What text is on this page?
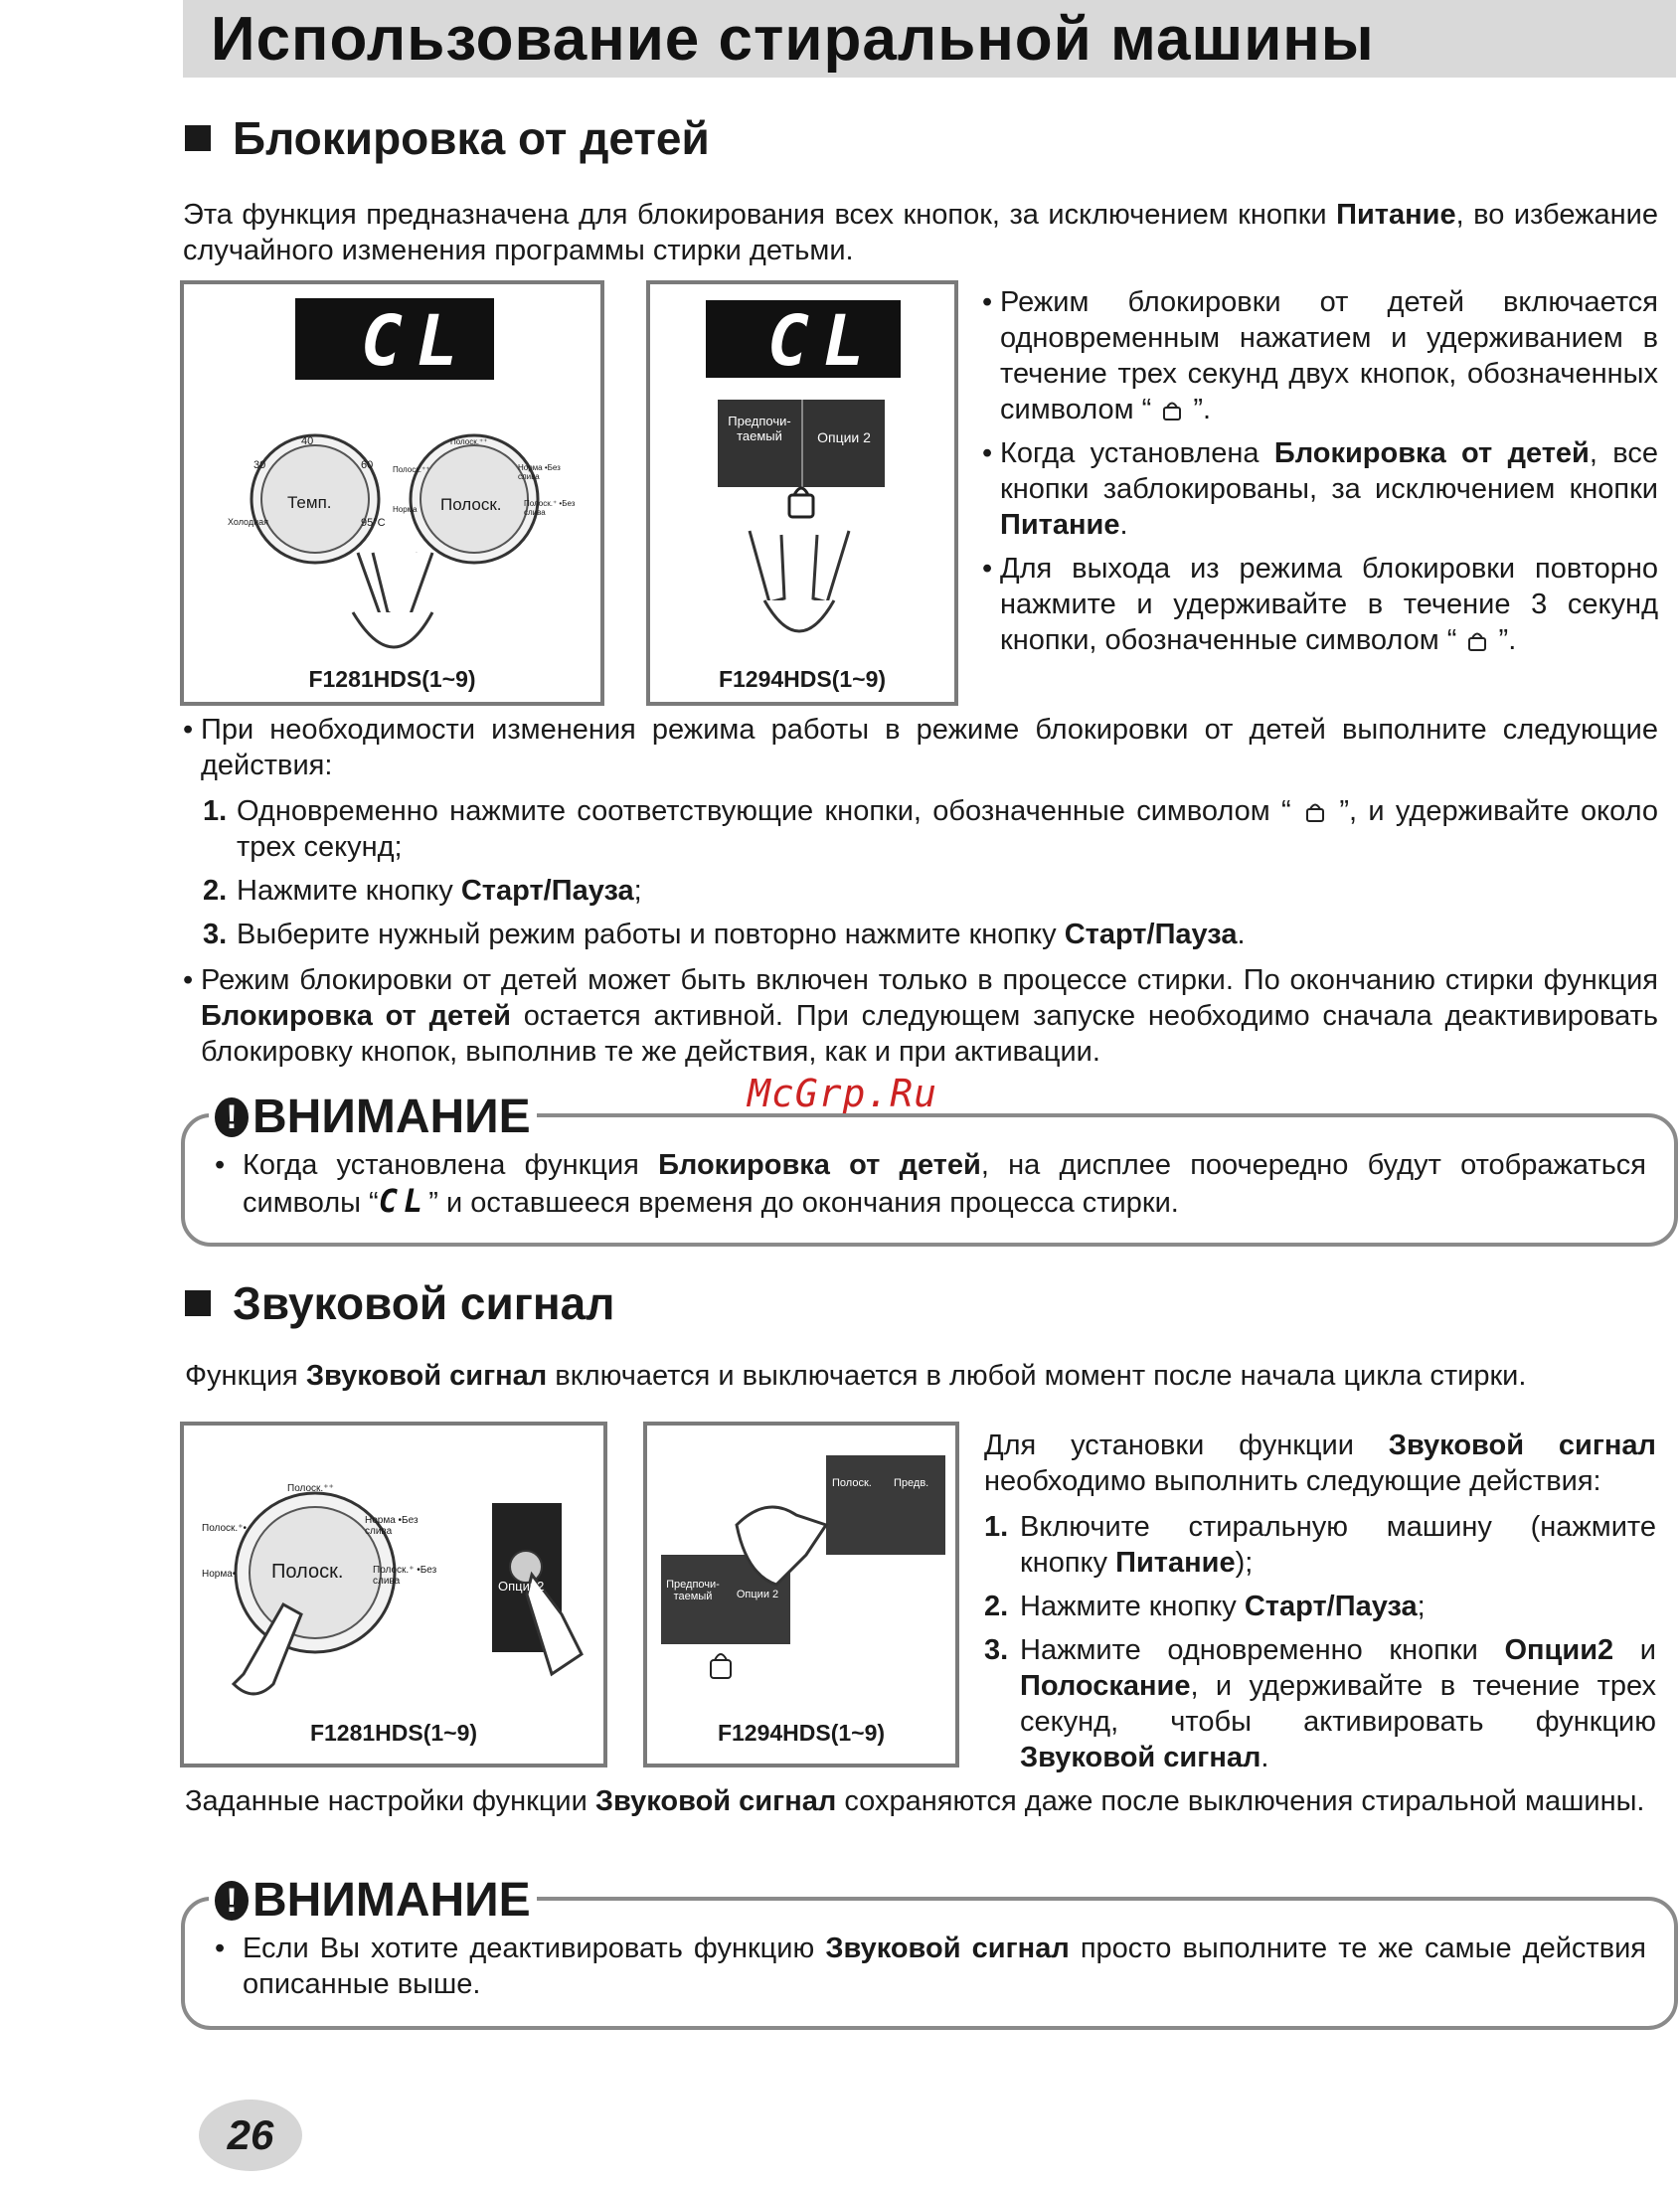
Использование стиральной машины
Блокировка от детей
Эта функция предназначена для блокирования всех кнопок, за исключением кнопки Питание, во избежание случайного изменения программы стирки детьми.
CL
Темп.	Полоск.
30
40
60
95°C
Холодная
Полоск.⁺⁺
Полоск.⁺⁺	Норма •Без слива
Полоск.⁺ •Без слива
Норма
F1281HDS(1~9)
CL
Предпочи-
таемый	Опции 2
F1294HDS(1~9)
• Режим блокировки от детей включается одновременным нажатием и удерживанием в течение трех секунд двух кнопок, обозначенных символом “  ”.
• Когда установлена Блокировка от детей, все кнопки заблокированы, за исключением кнопки Питание.
• Для выхода из режима блокировки повторно нажмите и удерживайте в течение 3 секунд кнопки, обозначенные символом “  ”.
• При необходимости изменения режима работы в режиме блокировки от детей выполните следующие действия:
1. Одновременно нажмите соответствующие кнопки, обозначенные символом “  ”, и удерживайте около трех секунд;
2. Нажмите кнопку Старт/Пауза;
3. Выберите нужный режим работы и повторно нажмите кнопку Старт/Пауза.
• Режим блокировки от детей может быть включен только в процессе стирки. По окончанию стирки функция Блокировка от детей остается активной. При следующем запуске необходимо сначала деактивировать блокировку кнопок, выполнив те же действия, как и при активации.
McGrp.Ru
! ВНИМАНИЕ
• Когда установлена функция Блокировка от детей, на дисплее поочередно будут отображаться символы “CL” и оставшееся временя до окончания процесса стирки.
Звуковой сигнал
Функция Звуковой сигнал включается и выключается в любой момент после начала цикла стирки.
Полоск.
Опции2
Полоск.⁺⁺
Полоск.⁺•
Норма •Без слива
Полоск.⁺ •Без слива
Норма•
F1281HDS(1~9)
Полоск. Предв.
Предпочи-
таемый	Опции 2
F1294HDS(1~9)
Для установки функции Звуковой сигнал необходимо выполнить следующие действия:
1. Включите стиральную машину (нажмите кнопку Питание);
2. Нажмите кнопку Старт/Пауза;
3. Нажмите одновременно кнопки Опции2 и Полоскание, и удерживайте в течение трех секунд, чтобы активировать функцию Звуковой сигнал.
Заданные настройки функции Звуковой сигнал сохраняются даже после выключения стиральной машины.
! ВНИМАНИЕ
• Если Вы хотите деактивировать функцию Звуковой сигнал просто выполните те же самые действия описанные выше.
26
